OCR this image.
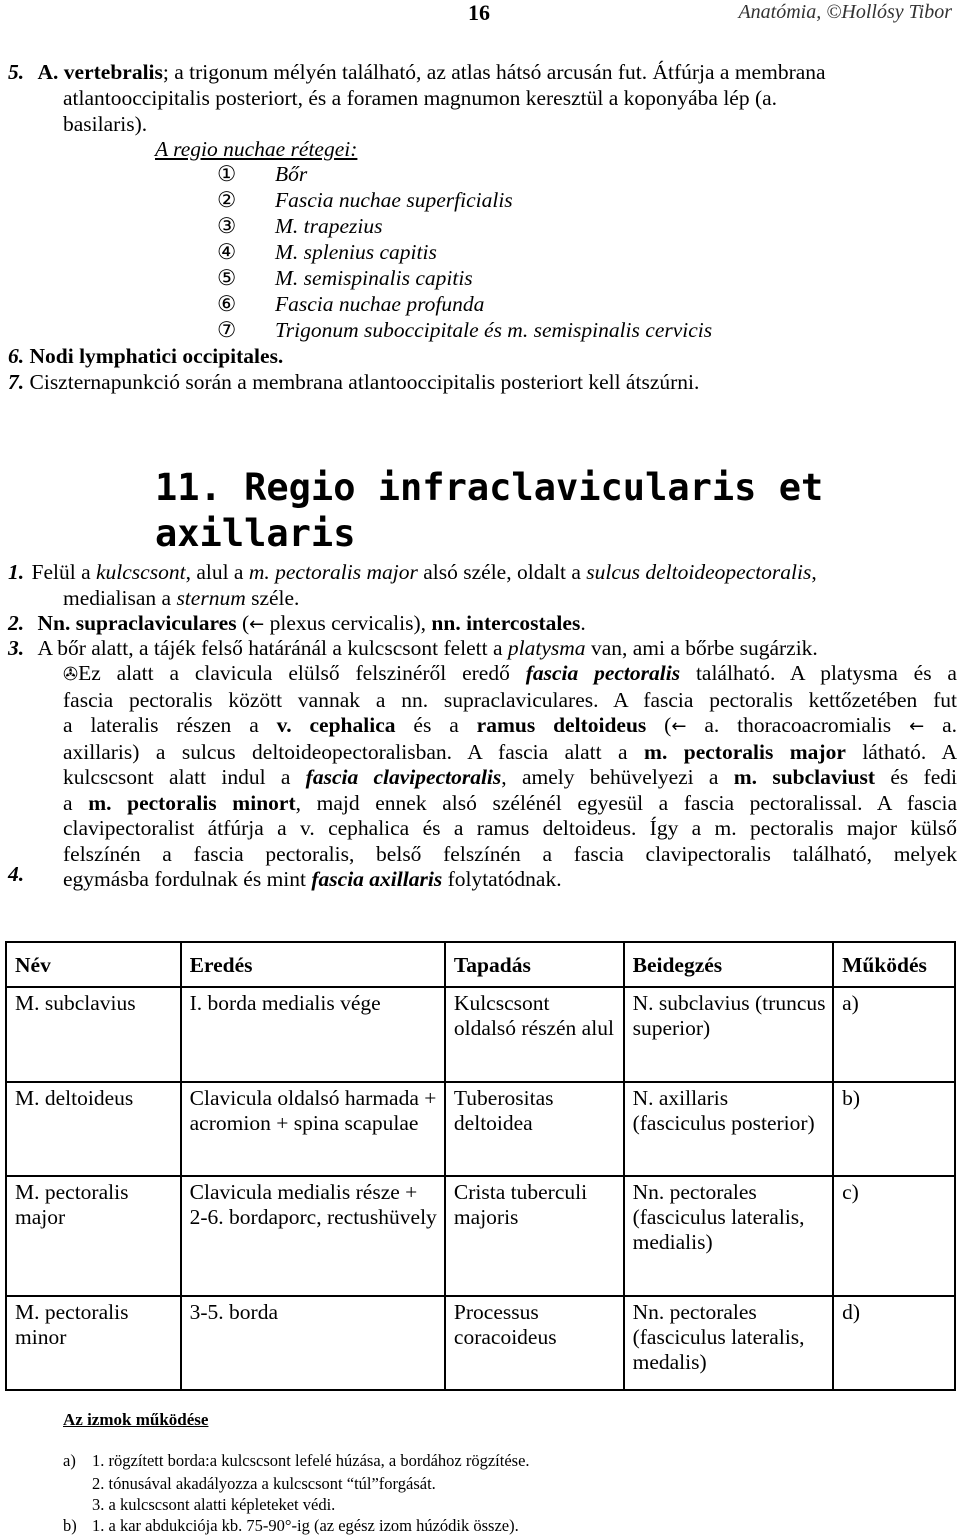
16	Anatómia, ©Hollósy Tibor
5. A. vertebralis; a trigonum mélyén található, az atlas hátsó arcusán fut. Átfúrja a membrana
atlantooccipitalis posteriort, és a foramen magnumon keresztül a koponyába lép (a.
basilaris).
A regio nuchae rétegei:
① Bőr
② Fascia nuchae superficialis
③ M. trapezius
④ M. splenius capitis
⑤ M. semispinalis capitis
⑥ Fascia nuchae profunda
⑦ Trigonum suboccipitale és m. semispinalis cervicis
6. Nodi lymphatici occipitales.
7. Ciszternapunkció során a membrana atlantooccipitalis posteriort kell átszúrni.
11. Regio infraclavicularis et axillaris
1. Felül a kulcscsont, alul a m. pectoralis major alsó széle, oldalt a sulcus deltoideopectoralis,
medialisan a sternum széle.
2. Nn. supraclaviculares (← plexus cervicalis), nn. intercostales.
3. A bőr alatt, a tájék felső határánál a kulcscsont felett a platysma van, ami a bőrbe sugárzik.
✇Ez alatt a clavicula elülső felszinéről eredő fascia pectoralis található. A platysma és a
fascia pectoralis között vannak a nn. supraclaviculares. A fascia pectoralis kettőzetében fut
a lateralis részen a v. cephalica és a ramus deltoideus (← a. thoracoacromialis ← a.
axillaris) a sulcus deltoideopectoralisban. A fascia alatt a m. pectoralis major látható. A
kulcscsont alatt indul a fascia clavipectoralis, amely behüvelyezi a m. subclaviust és fedi
a m. pectoralis minort, majd ennek alsó szélénél egyesül a fascia pectoralissal. A fascia
clavipectoralist átfúrja a v. cephalica és a ramus deltoideus. Így a m. pectoralis major külső
felszínén a fascia pectoralis, belső felszínén a fascia clavipectoralis található, melyek
egymásba fordulnak és mint fascia axillaris folytatódnak.
4.
Név	Eredés	Tapadás	Beidegzés	Működés
M. subclavius	I. borda medialis vége	Kulcscsont oldalsó részén alul	N. subclavius (truncus superior)	a)
M. deltoideus	Clavicula oldalsó harmada + acromion + spina scapulae	Tuberositas deltoidea	N. axillaris (fasciculus posterior)	b)
M. pectoralis major	Clavicula medialis része + 2-6. bordaporc, rectushüvely	Crista tuberculi majoris	Nn. pectorales (fasciculus lateralis, medialis)	c)
M. pectoralis minor	3-5. borda	Processus coracoideus	Nn. pectorales (fasciculus lateralis, medalis)	d)
Az izmok működése
a) 1. rögzített borda:a kulcscsont lefelé húzása, a bordához rögzítése.
2. tónusával akadályozza a kulcscsont “túl”forgását.
3. a kulcscsont alatti képleteket védi.
b) 1. a kar abdukciója kb. 75-90°-ig (az egész izom húzódik össze).
